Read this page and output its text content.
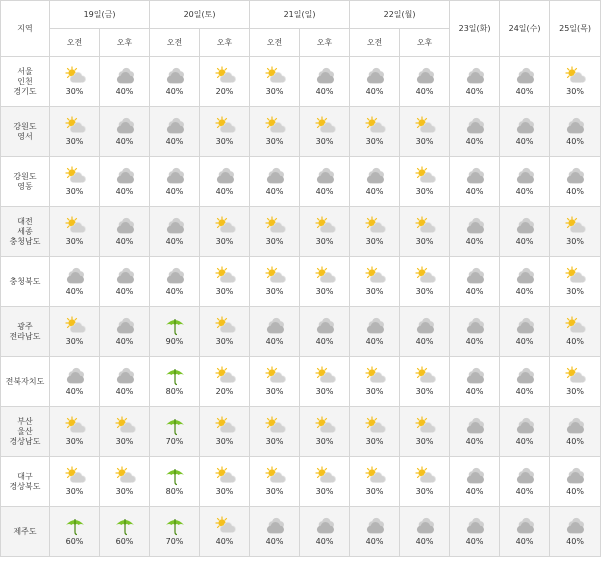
지역	19일(금)		20일(토)		21일(일)		22일(월)		23일(화)	24일(수)	25일(목)
	오전	오후	오전	오후	오전	오후	오전	오후			
서울
인천
경기도	30%	40%	40%	20%	30%	40%	40%	40%	40%	40%	30%

강원도
영서	30%	40%	40%	30%	30%	30%	30%	30%	40%	40%	40%

강원도
영동	30%	40%	40%	40%	40%	40%	40%	30%	40%	40%	40%

대전
세종
충청남도	30%	40%	40%	30%	30%	30%	30%	30%	40%	40%	30%

충청북도	40%	40%	40%	30%	30%	30%	30%	30%	40%	40%	30%

광주
전라남도	30%	40%	90%	30%	40%	40%	40%	40%	40%	40%	40%

전북자치도	40%	40%	80%	20%	30%	30%	30%	30%	40%	40%	30%

부산
울산
경상남도	30%	30%	70%	30%	30%	30%	30%	30%	40%	40%	40%

대구
경상북도	30%	30%	80%	30%	30%	30%	30%	30%	40%	40%	40%

제주도	60%	60%	70%	40%	40%	40%	40%	40%	40%	40%	40%
